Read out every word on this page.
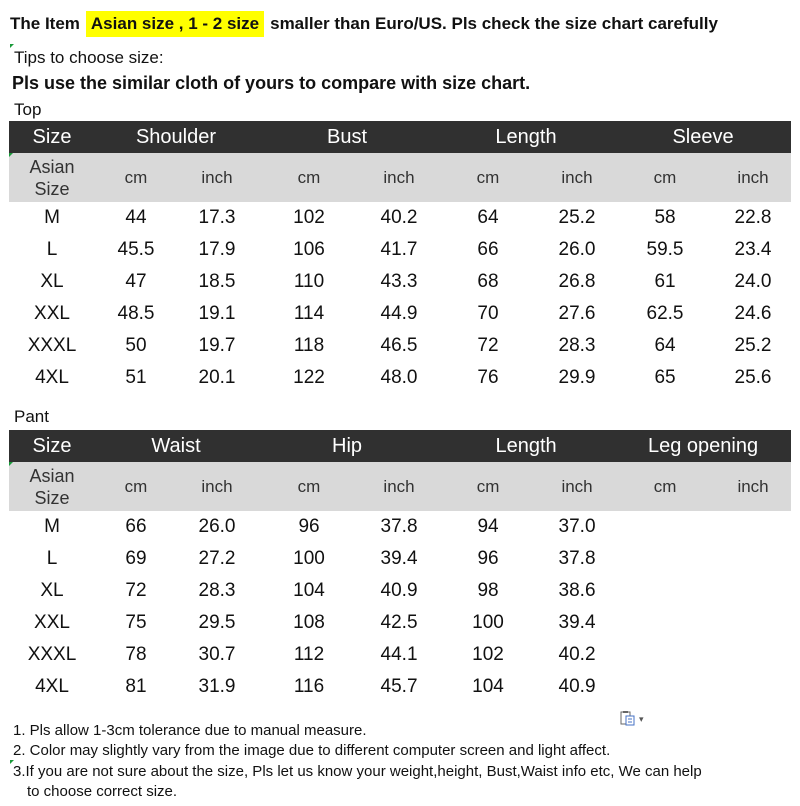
The Item Asian size , 1 - 2 size smaller than Euro/US. Pls check the size chart carefully
Tips to choose size:
Pls use the similar cloth of yours to compare with size chart.
Top
Size	Shoulder		Bust		Length		Sleeve	
Asian
Size	cm	inch	cm	inch	cm	inch	cm	inch
M	44	17.3	102	40.2	64	25.2	58	22.8
L	45.5	17.9	106	41.7	66	26.0	59.5	23.4
XL	47	18.5	110	43.3	68	26.8	61	24.0
XXL	48.5	19.1	114	44.9	70	27.6	62.5	24.6
XXXL	50	19.7	118	46.5	72	28.3	64	25.2
4XL	51	20.1	122	48.0	76	29.9	65	25.6
Pant
Size	Waist		Hip		Length		Leg opening	
Asian
Size	cm	inch	cm	inch	cm	inch	cm	inch
M	66	26.0	96	37.8	94	37.0		
L	69	27.2	100	39.4	96	37.8		
XL	72	28.3	104	40.9	98	38.6		
XXL	75	29.5	108	42.5	100	39.4		
XXXL	78	30.7	112	44.1	102	40.2		
4XL	81	31.9	116	45.7	104	40.9		
▾
1. Pls allow 1-3cm tolerance due to manual measure.
2. Color may slightly vary from the image due to different computer screen and light affect.
3.If you are not sure about the size, Pls let us know your weight,height, Bust,Waist info etc, We can help
to choose correct size.
